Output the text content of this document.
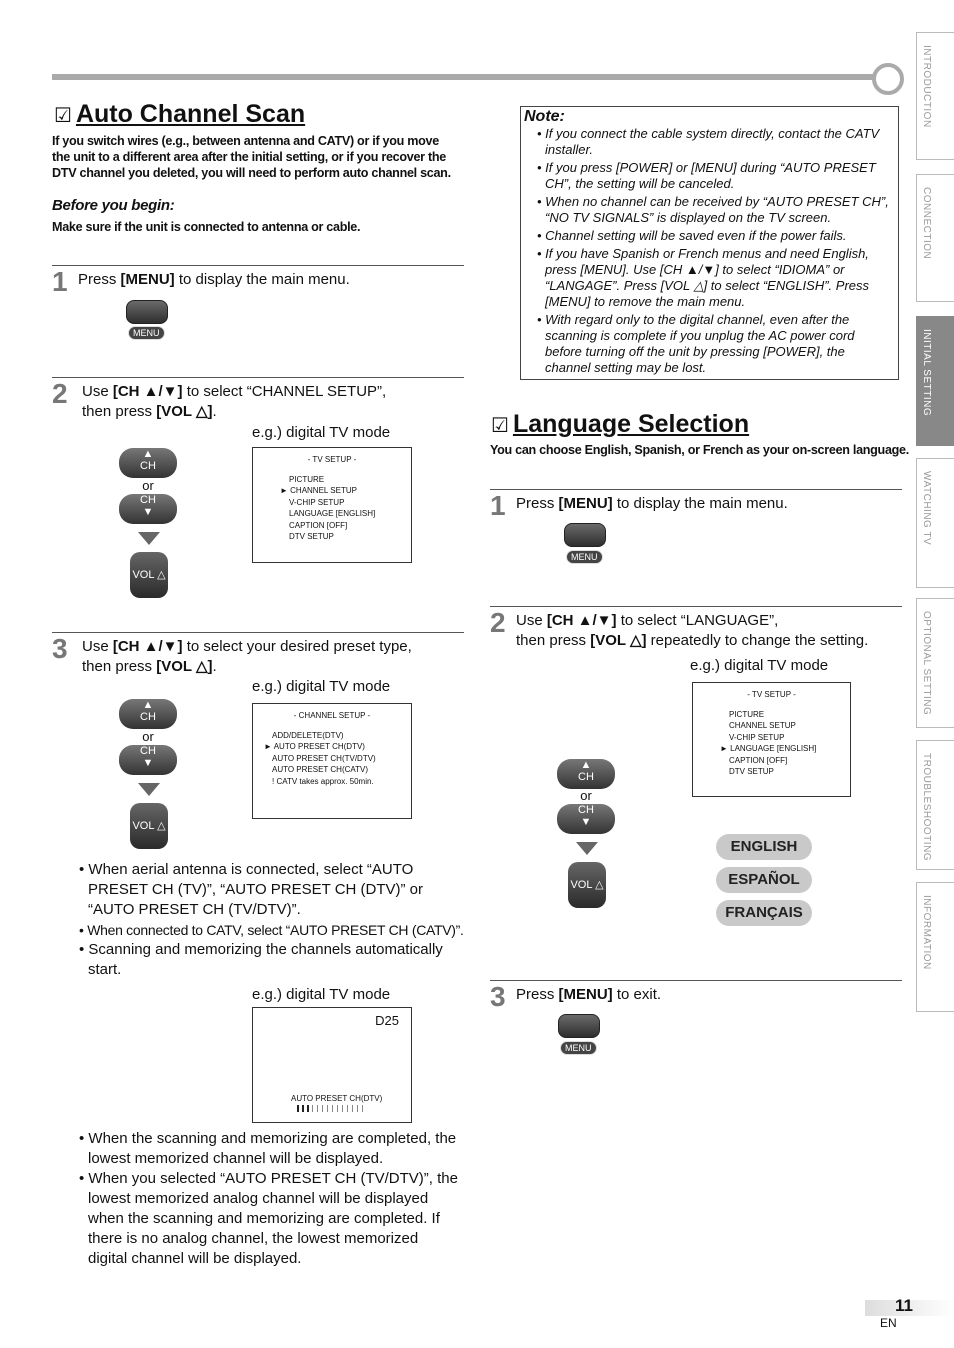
INTRODUCTION
CONNECTION
INITIAL SETTING
WATCHING TV
OPTIONAL SETTING
TROUBLESHOOTING
INFORMATION
☑ Auto Channel Scan
If you switch wires (e.g., between antenna and CATV) or if you move the unit to a different area after the initial setting, or if you recover the DTV channel you deleted, you will need to perform auto channel scan.
Before you begin:
Make sure if the unit is connected to antenna or cable.
1 Press [MENU] to display the main menu.
MENU
2 Use [CH ▲/▼] to select “CHANNEL SETUP”,
then press [VOL △].
e.g.) digital TV mode
▲
CH
or
CH
▼
VOL △
- TV SETUP -
PICTURE
► CHANNEL SETUP
V-CHIP SETUP
LANGUAGE [ENGLISH]
CAPTION [OFF]
DTV SETUP
3 Use [CH ▲/▼] to select your desired preset type,
then press [VOL △].
e.g.) digital TV mode
▲
CH
or
CH
▼
VOL △
- CHANNEL SETUP -
ADD/DELETE(DTV)
► AUTO PRESET CH(DTV)
AUTO PRESET CH(TV/DTV)
AUTO PRESET CH(CATV)
! CATV takes approx. 50min.
• When aerial antenna is connected, select “AUTO PRESET CH (TV)”, “AUTO PRESET CH (DTV)” or “AUTO PRESET CH (TV/DTV)”.
• When connected to CATV, select “AUTO PRESET CH (CATV)”.
• Scanning and memorizing the channels automatically start.
e.g.) digital TV mode
D25
AUTO PRESET CH(DTV)
• When the scanning and memorizing are completed, the lowest memorized channel will be displayed.
• When you selected “AUTO PRESET CH (TV/DTV)”, the lowest memorized analog channel will be displayed when the scanning and memorizing are completed. If there is no analog channel, the lowest memorized digital channel will be displayed.
Note:
• If you connect the cable system directly, contact the CATV installer.
• If you press [POWER] or [MENU] during “AUTO PRESET CH”, the setting will be canceled.
• When no channel can be received by “AUTO PRESET CH”, “NO TV SIGNALS” is displayed on the TV screen.
• Channel setting will be saved even if the power fails.
• If you have Spanish or French menus and need English, press [MENU]. Use [CH ▲/▼] to select “IDIOMA” or “LANGAGE”. Press [VOL △] to select “ENGLISH”. Press [MENU] to remove the main menu.
• With regard only to the digital channel, even after the scanning is complete if you unplug the AC power cord before turning off the unit by pressing [POWER], the channel setting may be lost.
☑ Language Selection
You can choose English, Spanish, or French as your on-screen language.
1 Press [MENU] to display the main menu.
MENU
2 Use [CH ▲/▼] to select “LANGUAGE”,
then press [VOL △] repeatedly to change the setting.
e.g.) digital TV mode
- TV SETUP -
PICTURE
CHANNEL SETUP
V-CHIP SETUP
► LANGUAGE [ENGLISH]
CAPTION [OFF]
DTV SETUP
▲
CH
or
CH
▼
VOL △
ENGLISH
ESPAÑOL
FRANÇAIS
3 Press [MENU] to exit.
MENU
11
EN
